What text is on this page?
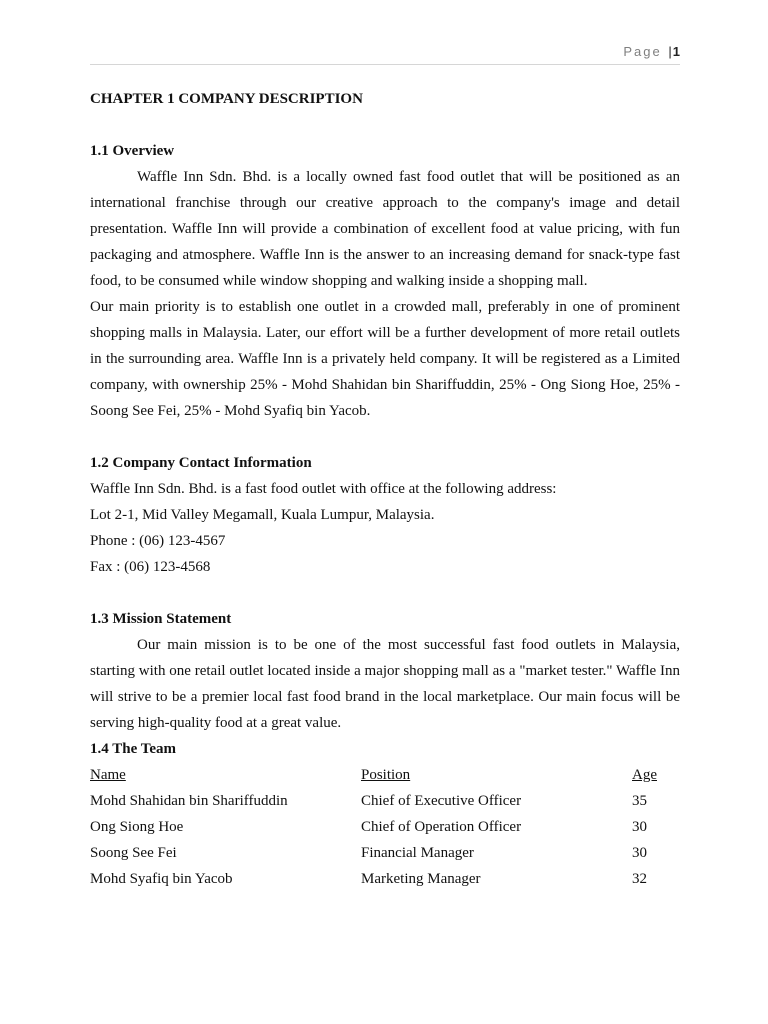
Page |1
CHAPTER 1 COMPANY DESCRIPTION
1.1 Overview

Waffle Inn Sdn. Bhd. is a locally owned fast food outlet that will be positioned as an international franchise through our creative approach to the company's image and detail presentation. Waffle Inn will provide a combination of excellent food at value pricing, with fun packaging and atmosphere. Waffle Inn is the answer to an increasing demand for snack-type fast food, to be consumed while window shopping and walking inside a shopping mall.

Our main priority is to establish one outlet in a crowded mall, preferably in one of prominent shopping malls in Malaysia. Later, our effort will be a further development of more retail outlets in the surrounding area. Waffle Inn is a privately held company. It will be registered as a Limited company, with ownership 25% - Mohd Shahidan bin Shariffuddin, 25% - Ong Siong Hoe, 25% - Soong See Fei, 25% - Mohd Syafiq bin Yacob.

1.2 Company Contact Information
Waffle Inn Sdn. Bhd. is a fast food outlet with office at the following address:
Lot 2-1, Mid Valley Megamall, Kuala Lumpur, Malaysia.
Phone : (06) 123-4567
Fax : (06) 123-4568
1.3 Mission Statement

Our main mission is to be one of the most successful fast food outlets in Malaysia, starting with one retail outlet located inside a major shopping mall as a "market tester." Waffle Inn will strive to be a premier local fast food brand in the local marketplace. Our main focus will be serving high-quality food at a great value.

1.4 The Team
Name	Position	Age
Mohd Shahidan bin Shariffuddin	Chief of Executive Officer	35
Ong Siong Hoe	Chief of Operation Officer	30
Soong See Fei	Financial Manager	30
Mohd Syafiq bin Yacob	Marketing Manager	32
